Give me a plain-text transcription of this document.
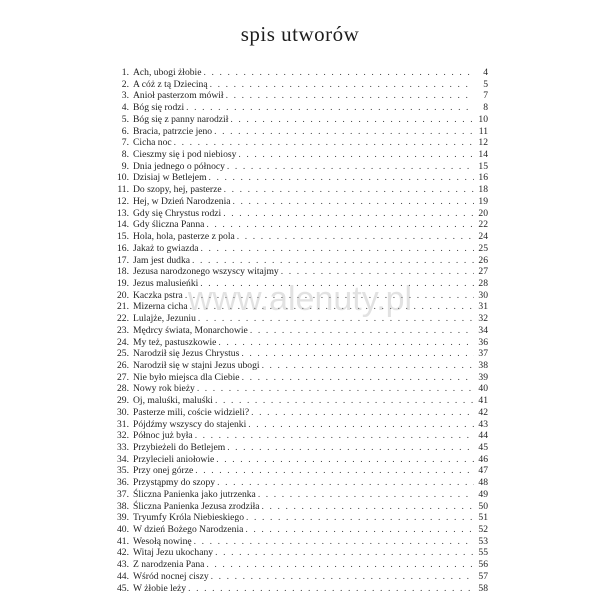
spis utworów
1. Ach, ubogi żłobie . . .	4
2. A cóż z tą Dzieciną . . .	5
3. Anioł pasterzom mówił . . .	7
4. Bóg się rodzi . . .	8
5. Bóg się z panny narodził . . .	10
6. Bracia, patrzcie jeno . . .	11
7. Cicha noc . . .	12
8. Cieszmy się i pod niebiosy . . .	14
9. Dnia jednego o północy . . .	15
10. Dzisiaj w Betlejem . . .	16
11. Do szopy, hej, pasterze . . .	18
12. Hej, w Dzień Narodzenia . . .	19
13. Gdy się Chrystus rodzi . . .	20
14. Gdy śliczna Panna . . .	22
15. Hola, hola, pasterze z pola . . .	24
16. Jakaż to gwiazda . . .	25
17. Jam jest dudka . . .	26
18. Jezusa narodzonego wszyscy witajmy . . .	27
19. Jezus malusieńki . . .	28
20. Kaczka pstra . . .	30
21. Mizerna cicha . . .	31
22. Lulajże, Jezuniu . . .	32
23. Mędrcy świata, Monarchowie . . .	34
24. My też, pastuszkowie . . .	36
25. Narodził się Jezus Chrystus . . .	37
26. Narodził się w stajni Jezus ubogi . . .	38
27. Nie było miejsca dla Ciebie . . .	39
28. Nowy rok bieży . . .	40
29. Oj, maluśki, maluśki . . .	41
30. Pasterze mili, coście widzieli? . . .	42
31. Pójdźmy wszyscy do stajenki . . .	43
32. Północ już była . . .	44
33. Przybieżeli do Betlejem . . .	45
34. Przylecieli aniołowie . . .	46
35. Przy onej górze . . .	47
36. Przystąpmy do szopy . . .	48
37. Śliczna Panienka jako jutrzenka . . .	49
38. Śliczna Panienka Jezusa zrodziła . . .	50
39. Tryumfy Króla Niebieskiego . . .	51
40. W dzień Bożego Narodzenia . . .	52
41. Wesołą nowinę . . .	53
42. Witaj Jezu ukochany . . .	55
43. Z narodzenia Pana . . .	56
44. Wśród nocnej ciszy . . .	57
45. W żłobie leży . . .	58
www.alenuty.pl
